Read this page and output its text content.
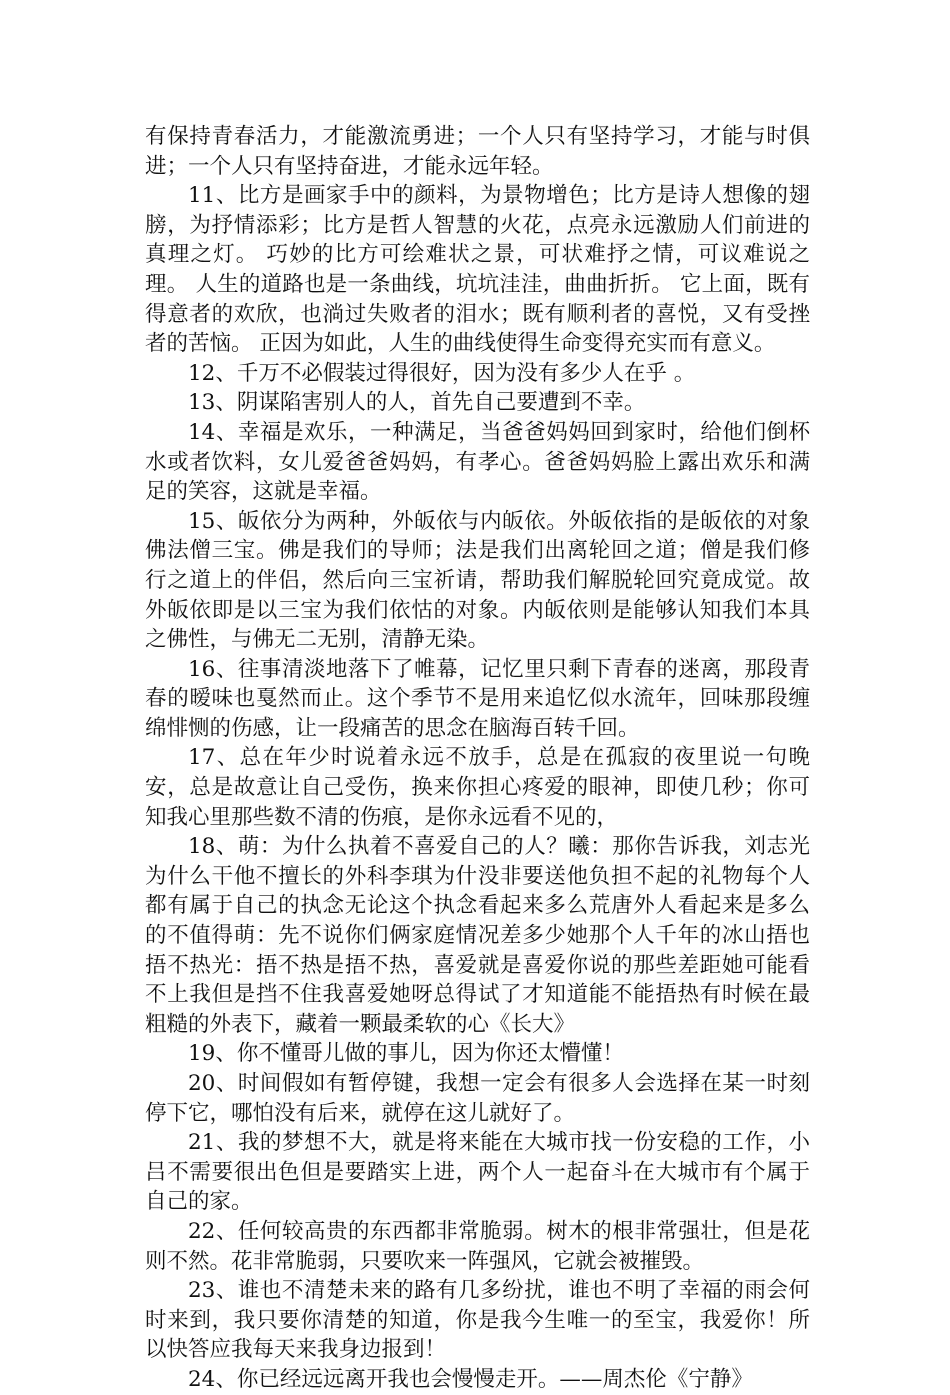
有保持青春活力，才能激流勇进；一个人只有坚持学习，才能与时俱进；一个人只有坚持奋进，才能永远年轻。

11、比方是画家手中的颜料，为景物增色；比方是诗人想像的翅膀，为抒情添彩；比方是哲人智慧的火花，点亮永远激励人们前进的真理之灯。 巧妙的比方可绘难状之景，可状难抒之情，可议难说之理。 人生的道路也是一条曲线，坑坑洼洼，曲曲折折。 它上面，既有得意者的欢欣，也淌过失败者的泪水；既有顺利者的喜悦，又有受挫者的苦恼。 正因为如此，人生的曲线使得生命变得充实而有意义。

12、千万不必假装过得很好，因为没有多少人在乎 。

13、阴谋陷害别人的人，首先自己要遭到不幸。

14、幸福是欢乐，一种满足，当爸爸妈妈回到家时，给他们倒杯水或者饮料，女儿爱爸爸妈妈，有孝心。爸爸妈妈脸上露出欢乐和满足的笑容，这就是幸福。

15、皈依分为两种，外皈依与内皈依。外皈依指的是皈依的对象佛法僧三宝。佛是我们的导师；法是我们出离轮回之道；僧是我们修行之道上的伴侣，然后向三宝祈请，帮助我们解脱轮回究竟成觉。故外皈依即是以三宝为我们依怙的对象。内皈依则是能够认知我们本具之佛性，与佛无二无别，清静无染。

16、往事清淡地落下了帷幕，记忆里只剩下青春的迷离，那段青春的暧味也戛然而止。这个季节不是用来追忆似水流年，回味那段缠绵悱恻的伤感，让一段痛苦的思念在脑海百转千回。

17、总在年少时说着永远不放手，总是在孤寂的夜里说一句晚安，总是故意让自己受伤，换来你担心疼爱的眼神，即使几秒；你可知我心里那些数不清的伤痕，是你永远看不见的，

18、萌：为什么执着不喜爱自己的人？曦：那你告诉我，刘志光为什么干他不擅长的外科李琪为什没非要送他负担不起的礼物每个人都有属于自己的执念无论这个执念看起来多么荒唐外人看起来是多么的不值得萌：先不说你们俩家庭情况差多少她那个人千年的冰山捂也捂不热光：捂不热是捂不热，喜爱就是喜爱你说的那些差距她可能看不上我但是挡不住我喜爱她呀总得试了才知道能不能捂热有时候在最粗糙的外表下，藏着一颗最柔软的心《长大》

19、你不懂哥儿做的事儿，因为你还太懵懂！

20、时间假如有暂停键，我想一定会有很多人会选择在某一时刻停下它，哪怕没有后来，就停在这儿就好了。

21、我的梦想不大，就是将来能在大城市找一份安稳的工作，小吕不需要很出色但是要踏实上进，两个人一起奋斗在大城市有个属于自己的家。

22、任何较高贵的东西都非常脆弱。树木的根非常强壮，但是花则不然。花非常脆弱，只要吹来一阵强风，它就会被摧毁。

23、谁也不清楚未来的路有几多纷扰，谁也不明了幸福的雨会何时来到，我只要你清楚的知道，你是我今生唯一的至宝，我爱你！所以快答应我每天来我身边报到！

24、你已经远远离开我也会慢慢走开。——周杰伦《宁静》
